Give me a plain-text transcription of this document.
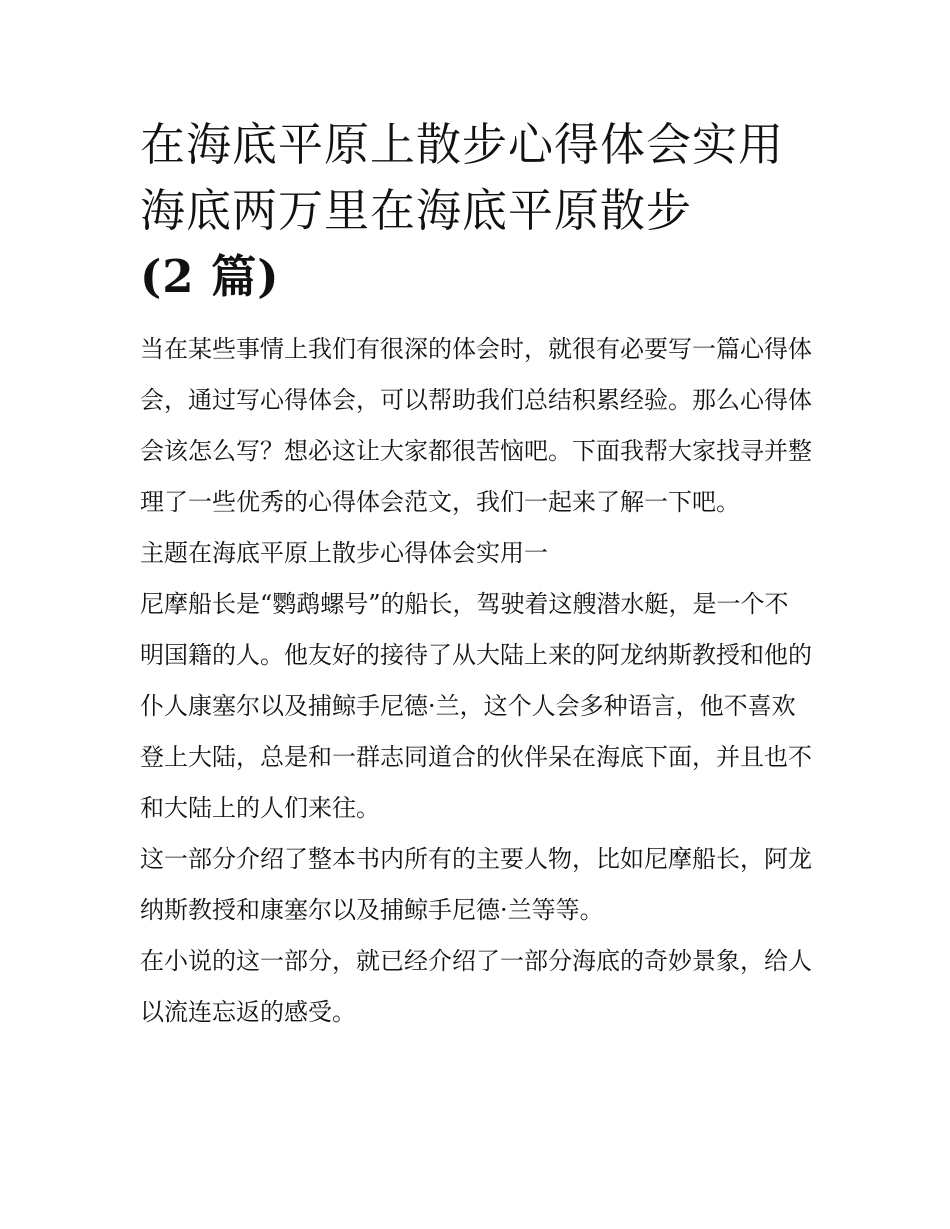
在海底平原上散步心得体会实用 海底两万里在海底平原散步
(2 篇)

当在某些事情上我们有很深的体会时，就很有必要写一篇心得体会，通过写心得体会，可以帮助我们总结积累经验。那么心得体会该怎么写？想必这让大家都很苦恼吧。下面我帮大家找寻并整理了一些优秀的心得体会范文，我们一起来了解一下吧。

主题在海底平原上散步心得体会实用一

尼摩船长是“鹦鹉螺号”的船长，驾驶着这艘潜水艇，是一个不明国籍的人。他友好的接待了从大陆上来的阿龙纳斯教授和他的仆人康塞尔以及捕鲸手尼德·兰，这个人会多种语言，他不喜欢登上大陆，总是和一群志同道合的伙伴呆在海底下面，并且也不和大陆上的人们来往。

这一部分介绍了整本书内所有的主要人物，比如尼摩船长，阿龙纳斯教授和康塞尔以及捕鲸手尼德·兰等等。

在小说的这一部分，就已经介绍了一部分海底的奇妙景象，给人以流连忘返的感受。
